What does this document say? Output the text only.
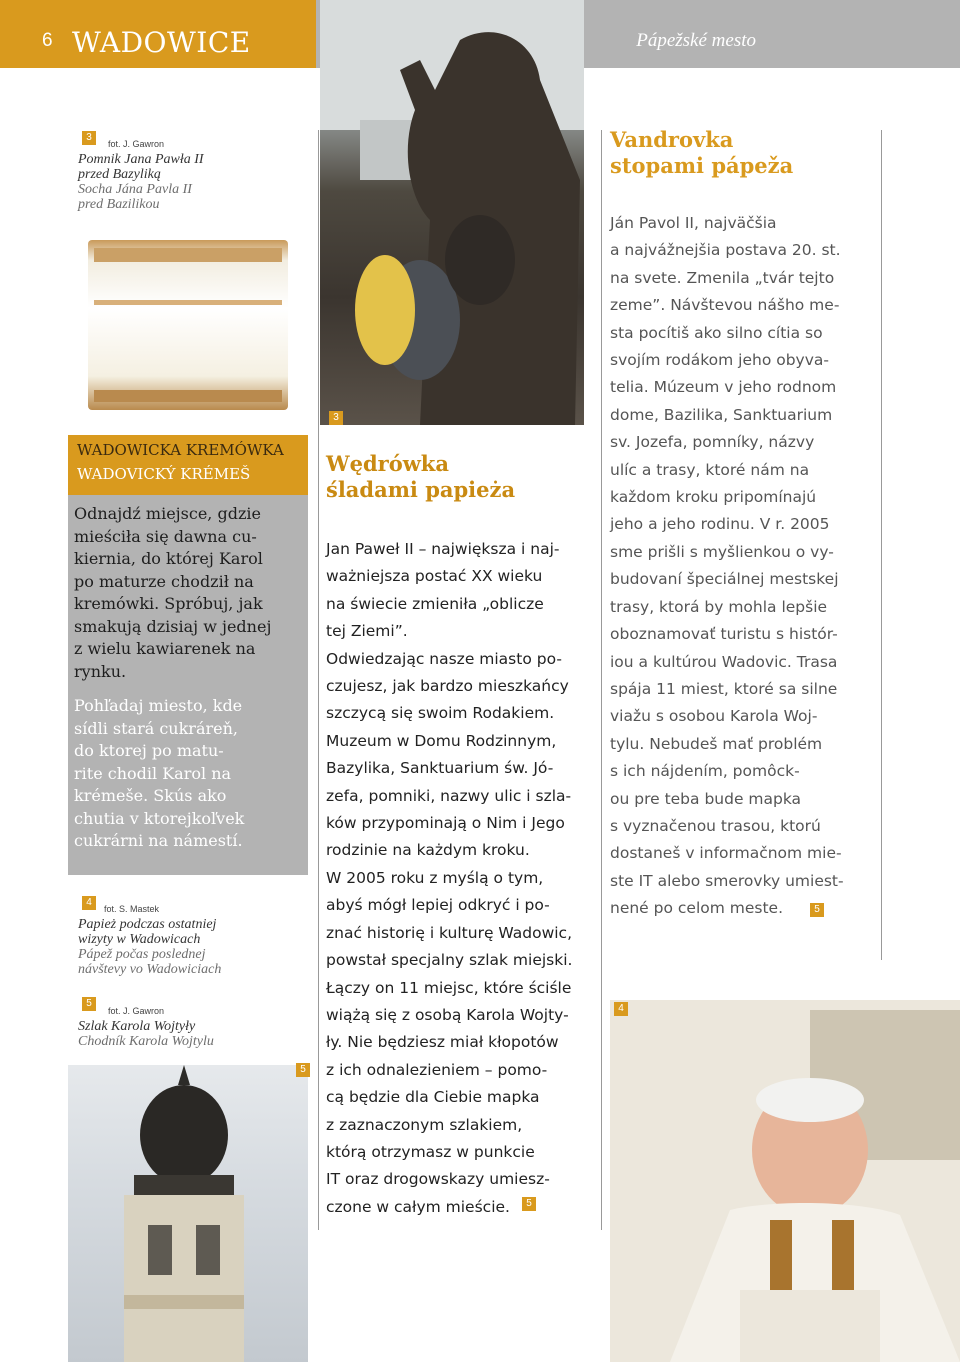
6 WADOWICE	Pápežské mesto
3
fot. J. Gawron
Pomnik Jana Pawła II
przed Bazyliką
Socha Jána Pavla II
pred Bazilikou
WADOWICKA KREMÓWKA
WADOVICKÝ KRÉMEŠ
Odnajdź miejsce, gdzie
mieściła się dawna cu-
kiernia, do której Karol
po maturze chodził na
kremówki. Spróbuj, jak
smakują dzisiaj w jednej
z wielu kawiarenek na
rynku.
Pohľadaj miesto, kde
sídli stará cukráreň,
do ktorej po matu-
rite chodil Karol na
krémeše. Skús ako
chutia v ktorejkoľvek
cukrárni na námestí.
4
fot. S. Mastek
Papież podczas ostatniej
wizyty w Wadowicach
Pápež počas poslednej
návštevy vo Wadowiciach
5
fot. J. Gawron
Szlak Karola Wojtyły
Chodník Karola Wojtylu
5
3
Wędrówka
śladami papieża
Jan Paweł II – największa i naj-
ważniejsza postać XX wieku
na świecie zmieniła „oblicze
tej Ziemi”.
Odwiedzając nasze miasto po-
czujesz, jak bardzo mieszkańcy
szczycą się swoim Rodakiem.
Muzeum w Domu Rodzinnym,
Bazylika, Sanktuarium św. Jó-
zefa, pomniki, nazwy ulic i szla-
ków przypominają o Nim i Jego
rodzinie na każdym kroku.
W 2005 roku z myślą o tym,
abyś mógł lepiej odkryć i po-
znać historię i kulturę Wadowic,
powstał specjalny szlak miejski.
Łączy on 11 miejsc, które ściśle
wiążą się z osobą Karola Wojty-
ły. Nie będziesz miał kłopotów
z ich odnalezieniem – pomo-
cą będzie dla Ciebie mapka
z zaznaczonym szlakiem,
którą otrzymasz w punkcie
IT oraz drogowskazy umiesz-
czone w całym mieście.	5
Vandrovka
stopami pápeža
Ján Pavol II, najväčšia
a najvážnejšia postava 20. st.
na svete. Zmenila „tvár tejto
zeme”. Návštevou nášho me-
sta pocítiš ako silno cítia so
svojím rodákom jeho obyva-
telia. Múzeum v jeho rodnom
dome, Bazilika, Sanktuarium
sv. Jozefa, pomníky, názvy
ulíc a trasy, ktoré nám na
každom kroku pripomínajú
jeho a jeho rodinu. V r. 2005
sme prišli s myšlienkou o vy-
budovaní špeciálnej mestskej
trasy, ktorá by mohla lepšie
oboznamovať turistu s histór-
iou a kultúrou Wadovic. Trasa
spája 11 miest, ktoré sa silne
viažu s osobou Karola Woj-
tylu. Nebudeš mať problém
s ich nájdením, pomôck-
ou pre teba bude mapka
s vyznačenou trasou, ktorú
dostaneš v informačnom mie-
ste IT alebo smerovky umiest-
nené po celom meste.	5
4
